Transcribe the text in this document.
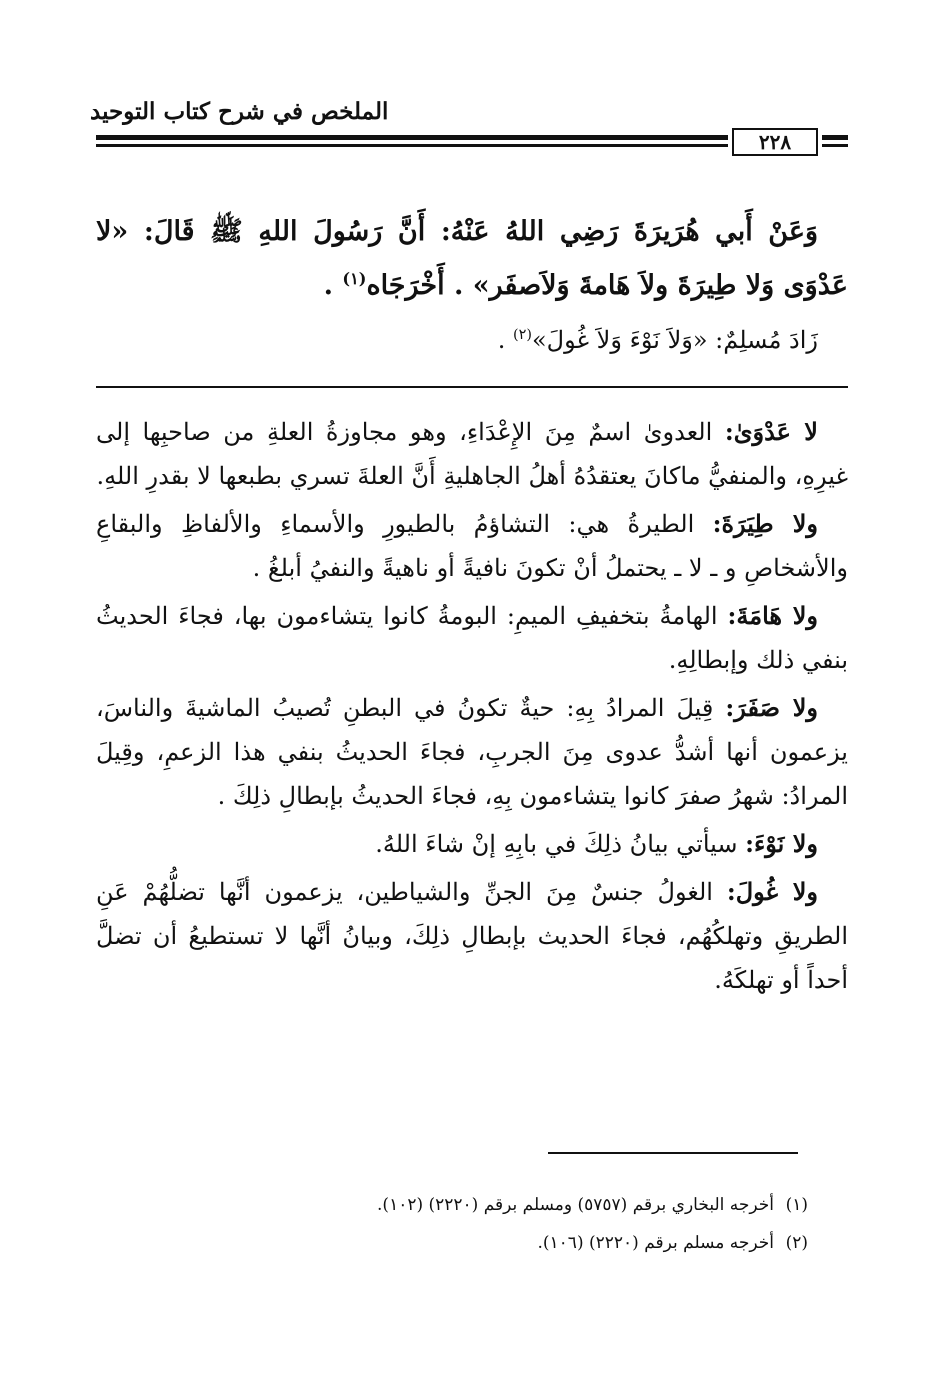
الملخص في شرح كتاب التوحيد
٢٢٨

وَعَنْ أَبي هُرَيرَةَ رَضِي اللهُ عَنْهُ: أَنَّ رَسُولَ اللهِ ﷺ قَالَ: «لا عَدْوَى وَلا طِيرَةَ ولاَ هَامةَ وَلاَصفَر» . أَخْرَجَاه$^{(١)}$ .

زَادَ مُسلِمٌ: «وَلاَ نَوْءَ وَلاَ غُولَ»$^{(٢)}$ .

لا عَدْوَىٰ: العدوىٰ اسمٌ مِنَ الإِعْدَاءِ، وهو مجاوزةُ العلةِ من صاحبِها إلى غيرِهِ، والمنفيُّ ماكانَ يعتقدُهُ أهلُ الجاهليةِ أَنَّ العلةَ تسري بطبعها لا بقدرِ اللهِ.

ولا طِيَرَةَ: الطيرةُ هي: التشاؤمُ بالطيورِ والأسماءِ والألفاظِ والبقاعِ والأشخاصِ و ـ لا ـ يحتملُ أنْ تكونَ نافيةً أو ناهيةً والنفيُ أبلغُ .

ولا هَامَةَ: الهامةُ بتخفيفِ الميمِ: البومةُ كانوا يتشاءمون بها، فجاءَ الحديثُ بنفي ذلك وإبطالِهِ.

ولا صَفَرَ: قِيلَ المرادُ بِهِ: حيةٌ تكونُ في البطنِ تُصيبُ الماشيةَ والناسَ، يزعمون أنها أشدُّ عدوى مِنَ الجربِ، فجاءَ الحديثُ بنفي هذا الزعمِ، وقِيلَ المرادُ: شهرُ صفرَ كانوا يتشاءمون بِهِ، فجاءَ الحديثُ بإبطالِ ذلِكَ .

ولا نَوْءَ: سيأتي بيانُ ذلِكَ في بابِهِ إنْ شاءَ اللهُ.

ولا غُولَ: الغولُ جنسٌ مِنَ الجنِّ والشياطين، يزعمون أنَّها تضلُّهُمْ عَنِ الطريقِ وتهلكُهُم، فجاءَ الحديث بإبطالِ ذلِكَ، وبيانُ أنَّها لا تستطيعُ أن تضلَّ أحداً أو تهلكَهُ.

(١)أخرجه البخاري برقم (٥٧٥٧) ومسلم برقم (٢٢٢٠) (١٠٢).

(٢)أخرجه مسلم برقم (٢٢٢٠) (١٠٦).
